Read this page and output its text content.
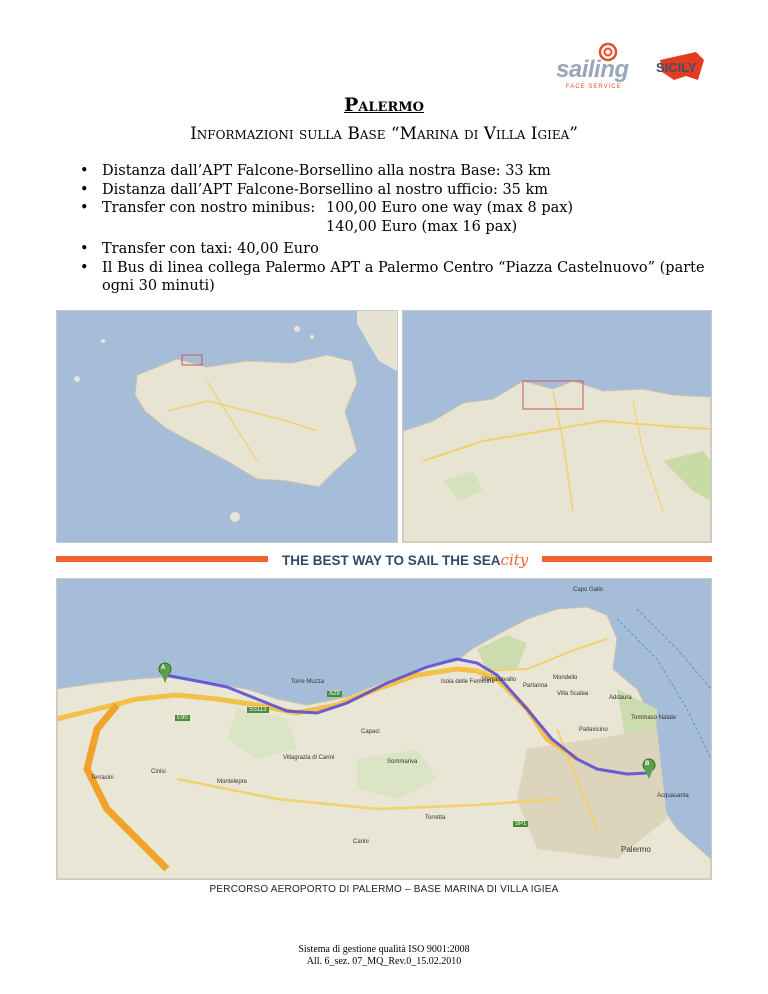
sailing SICILY
FACE SERVICE
Palermo
Informazioni sulla Base “Marina di Villa Igiea”
• Distanza dall’APT Falcone-Borsellino alla nostra Base: 33 km
• Distanza dall’APT Falcone-Borsellino al nostro ufficio: 35 km
• Transfer con nostro minibus: 100,00 Euro one way (max 8 pax)
140,00 Euro (max 16 pax)
• Transfer con taxi: 40,00 Euro
• Il Bus di linea collega Palermo APT a Palermo Centro “Piazza Castelnuovo” (parte ogni 30 minuti)
THE BEST WAY TO SAIL THE SEAcity
A
B
Capo Gallo
Mondello
Sferracavallo
Partanna
Isola delle Femmine
Villa Scalea
Addaura
Torre Muzza
Capaci
Carini
Cinisi
Terrasini
Palermo
Pallavicino
Tommaso Natale
Montelepre
Torretta
Villagrazia di Carini
Sommariva
Acquasanta
SS113
E90
SP1
A29
PERCORSO AEROPORTO DI PALERMO – BASE MARINA DI VILLA IGIEA
Sistema di gestione qualità ISO 9001:2008
All. 6_sez. 07_MQ_Rev.0_15.02.2010
